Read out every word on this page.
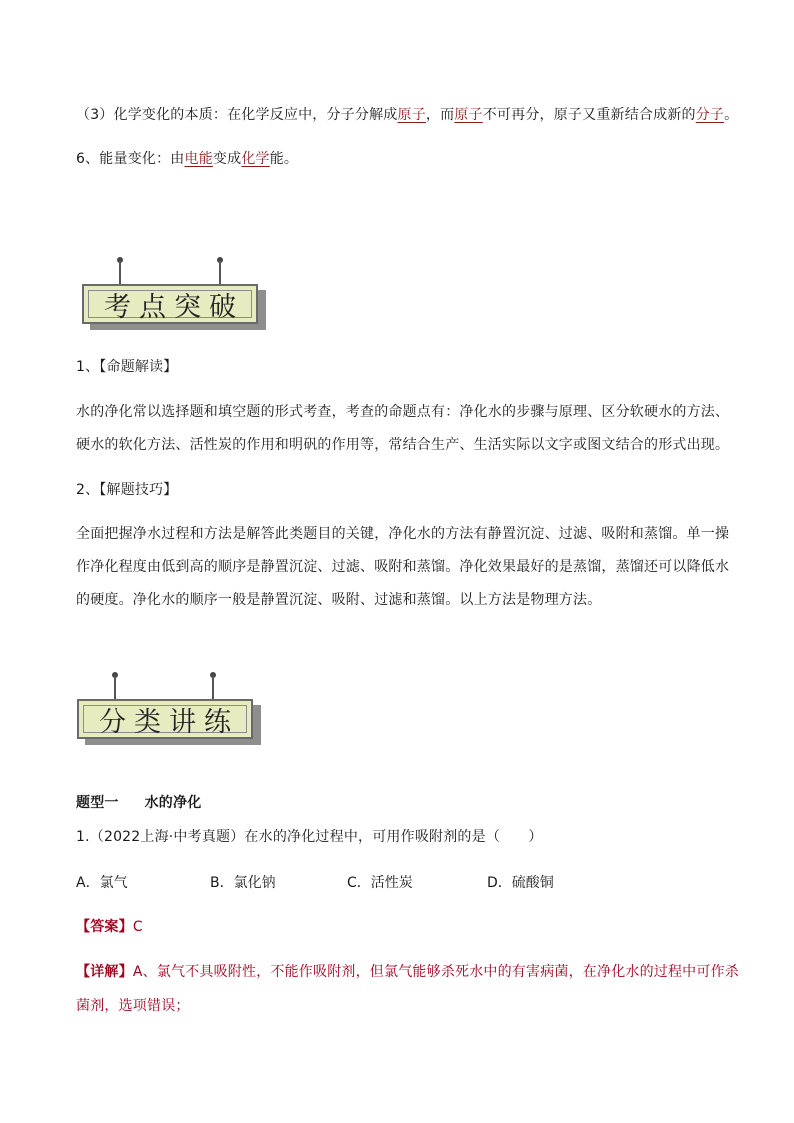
（3）化学变化的本质：在化学反应中，分子分解成原子，而原子不可再分，原子又重新结合成新的分子。
6、能量变化：由电能变成化学能。
考点突破
1、【命题解读】
水的净化常以选择题和填空题的形式考查，考查的命题点有：净化水的步骤与原理、区分软硬水的方法、
硬水的软化方法、活性炭的作用和明矾的作用等，常结合生产、生活实际以文字或图文结合的形式出现。
2、【解题技巧】
全面把握净水过程和方法是解答此类题目的关键，净化水的方法有静置沉淀、过滤、吸附和蒸馏。单一操
作净化程度由低到高的顺序是静置沉淀、过滤、吸附和蒸馏。净化效果最好的是蒸馏，蒸馏还可以降低水
的硬度。净化水的顺序一般是静置沉淀、吸附、过滤和蒸馏。以上方法是物理方法。
分类讲练
题型一 水的净化
1.（2022上海·中考真题）在水的净化过程中，可用作吸附剂的是（　　）
A．氯气	B．氯化钠	C．活性炭	D．硫酸铜
【答案】C
【详解】A、氯气不具吸附性，不能作吸附剂，但氯气能够杀死水中的有害病菌，在净化水的过程中可作杀
菌剂，选项错误；
